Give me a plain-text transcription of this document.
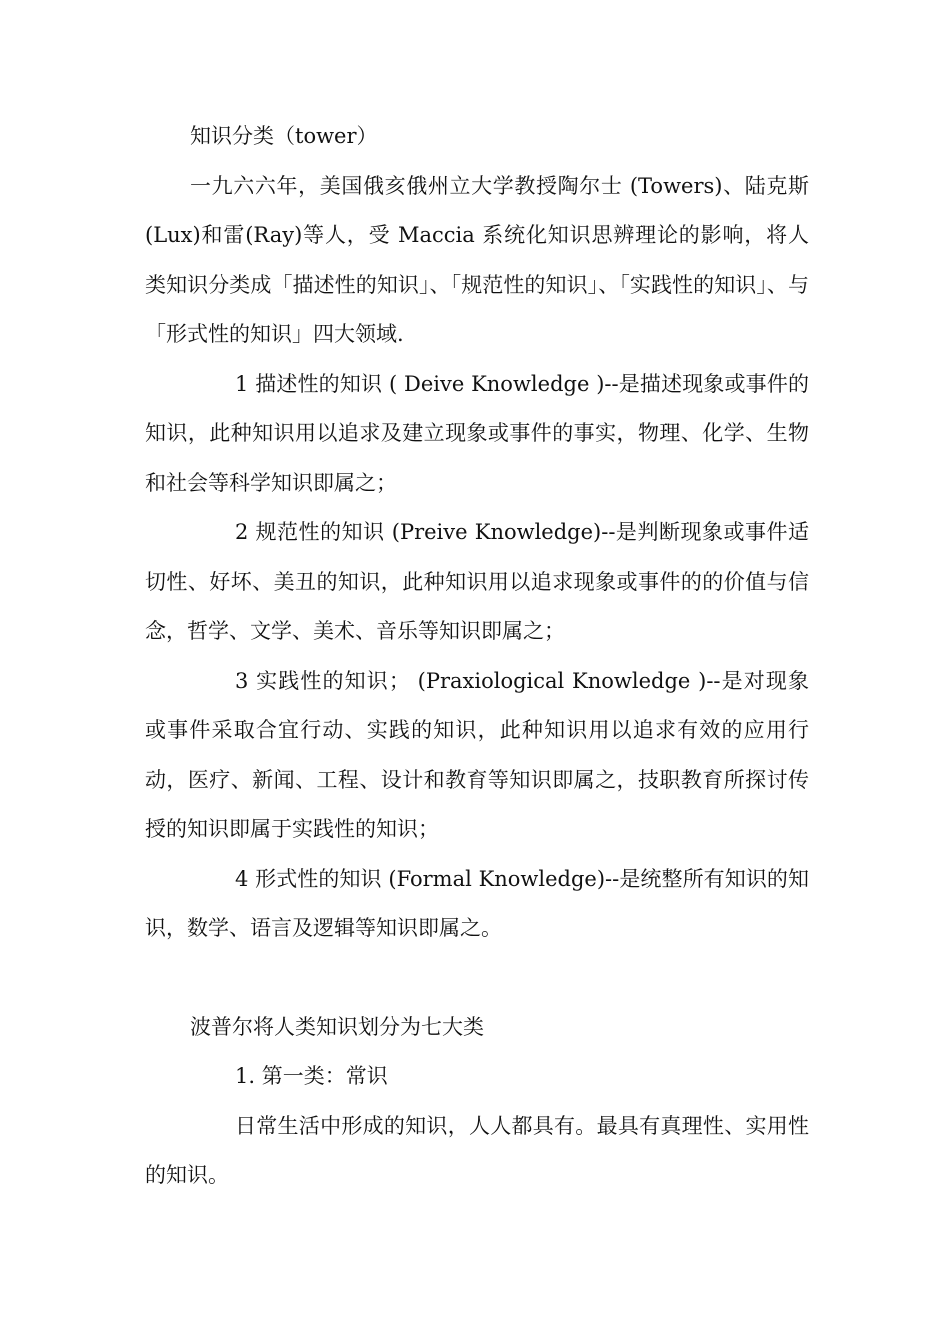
知识分类（tower）

一九六六年，美国俄亥俄州立大学教授陶尔士 (Towers)、陆克斯(Lux)和雷(Ray)等人，受 Maccia 系统化知识思辨理论的影响，将人类知识分类成「描述性的知识」、「规范性的知识」、「实践性的知识」、与「形式性的知识」四大领域.

1 描述性的知识 ( Deive Knowledge )--是描述现象或事件的知识，此种知识用以追求及建立现象或事件的事实，物理、化学、生物和社会等科学知识即属之；

2 规范性的知识 (Preive Knowledge)--是判断现象或事件适切性、好坏、美丑的知识，此种知识用以追求现象或事件的的价值与信念，哲学、文学、美术、音乐等知识即属之；

3 实践性的知识； (Praxiological Knowledge )--是对现象或事件采取合宜行动、实践的知识，此种知识用以追求有效的应用行动，医疗、新闻、工程、设计和教育等知识即属之，技职教育所探讨传授的知识即属于实践性的知识；

4 形式性的知识 (Formal Knowledge)--是统整所有知识的知识，数学、语言及逻辑等知识即属之。

波普尔将人类知识划分为七大类

1. 第一类：常识

日常生活中形成的知识，人人都具有。最具有真理性、实用性的知识。
